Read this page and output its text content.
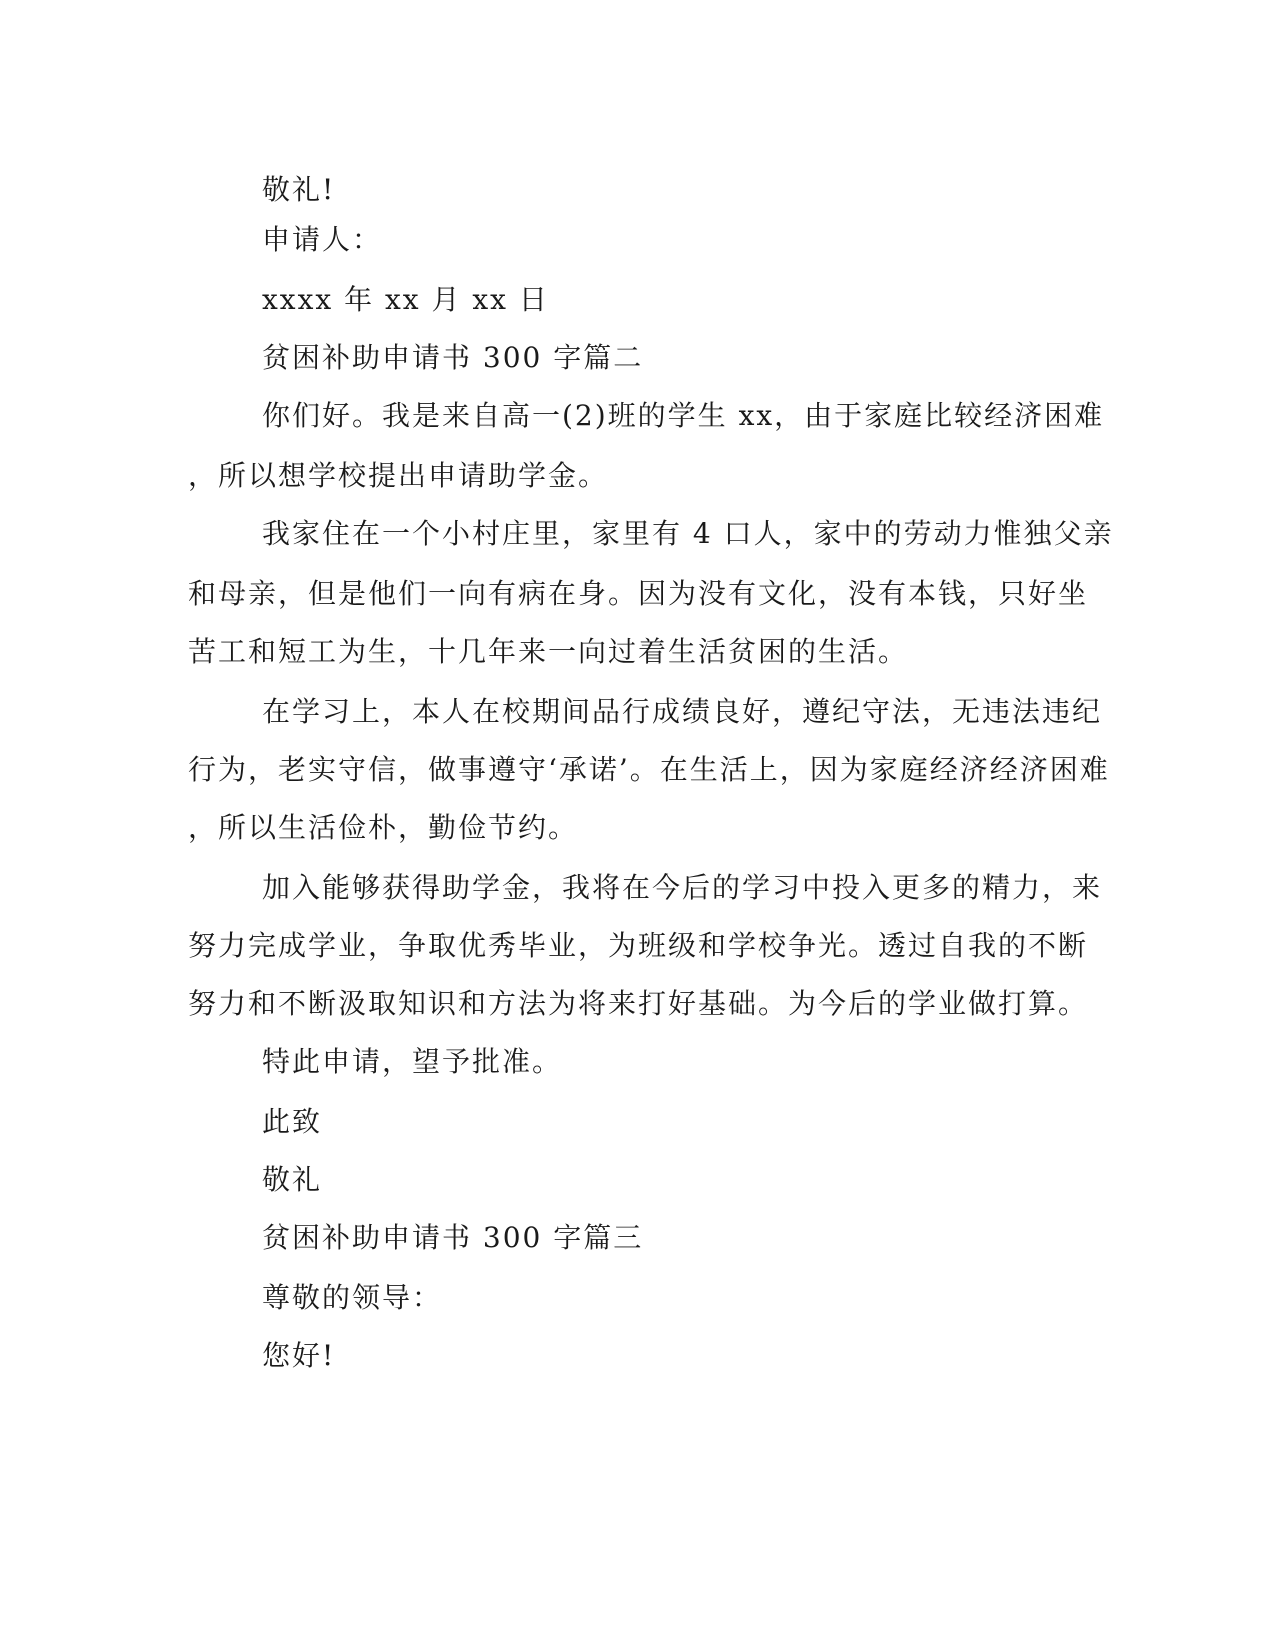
敬礼!

申请人：

xxxx 年 xx 月 xx 日

贫困补助申请书 300 字篇二

你们好。我是来自高一(2)班的学生 xx，由于家庭比较经济困难

，所以想学校提出申请助学金。

我家住在一个小村庄里，家里有 4 口人，家中的劳动力惟独父亲

和母亲，但是他们一向有病在身。因为没有文化，没有本钱，只好坐

苦工和短工为生，十几年来一向过着生活贫困的生活。

在学习上，本人在校期间品行成绩良好，遵纪守法，无违法违纪

行为，老实守信，做事遵守‘承诺’。在生活上，因为家庭经济经济困难

，所以生活俭朴，勤俭节约。

加入能够获得助学金，我将在今后的学习中投入更多的精力，来

努力完成学业，争取优秀毕业，为班级和学校争光。透过自我的不断

努力和不断汲取知识和方法为将来打好基础。为今后的学业做打算。

特此申请，望予批准。

此致

敬礼

贫困补助申请书 300 字篇三

尊敬的领导：

您好!
